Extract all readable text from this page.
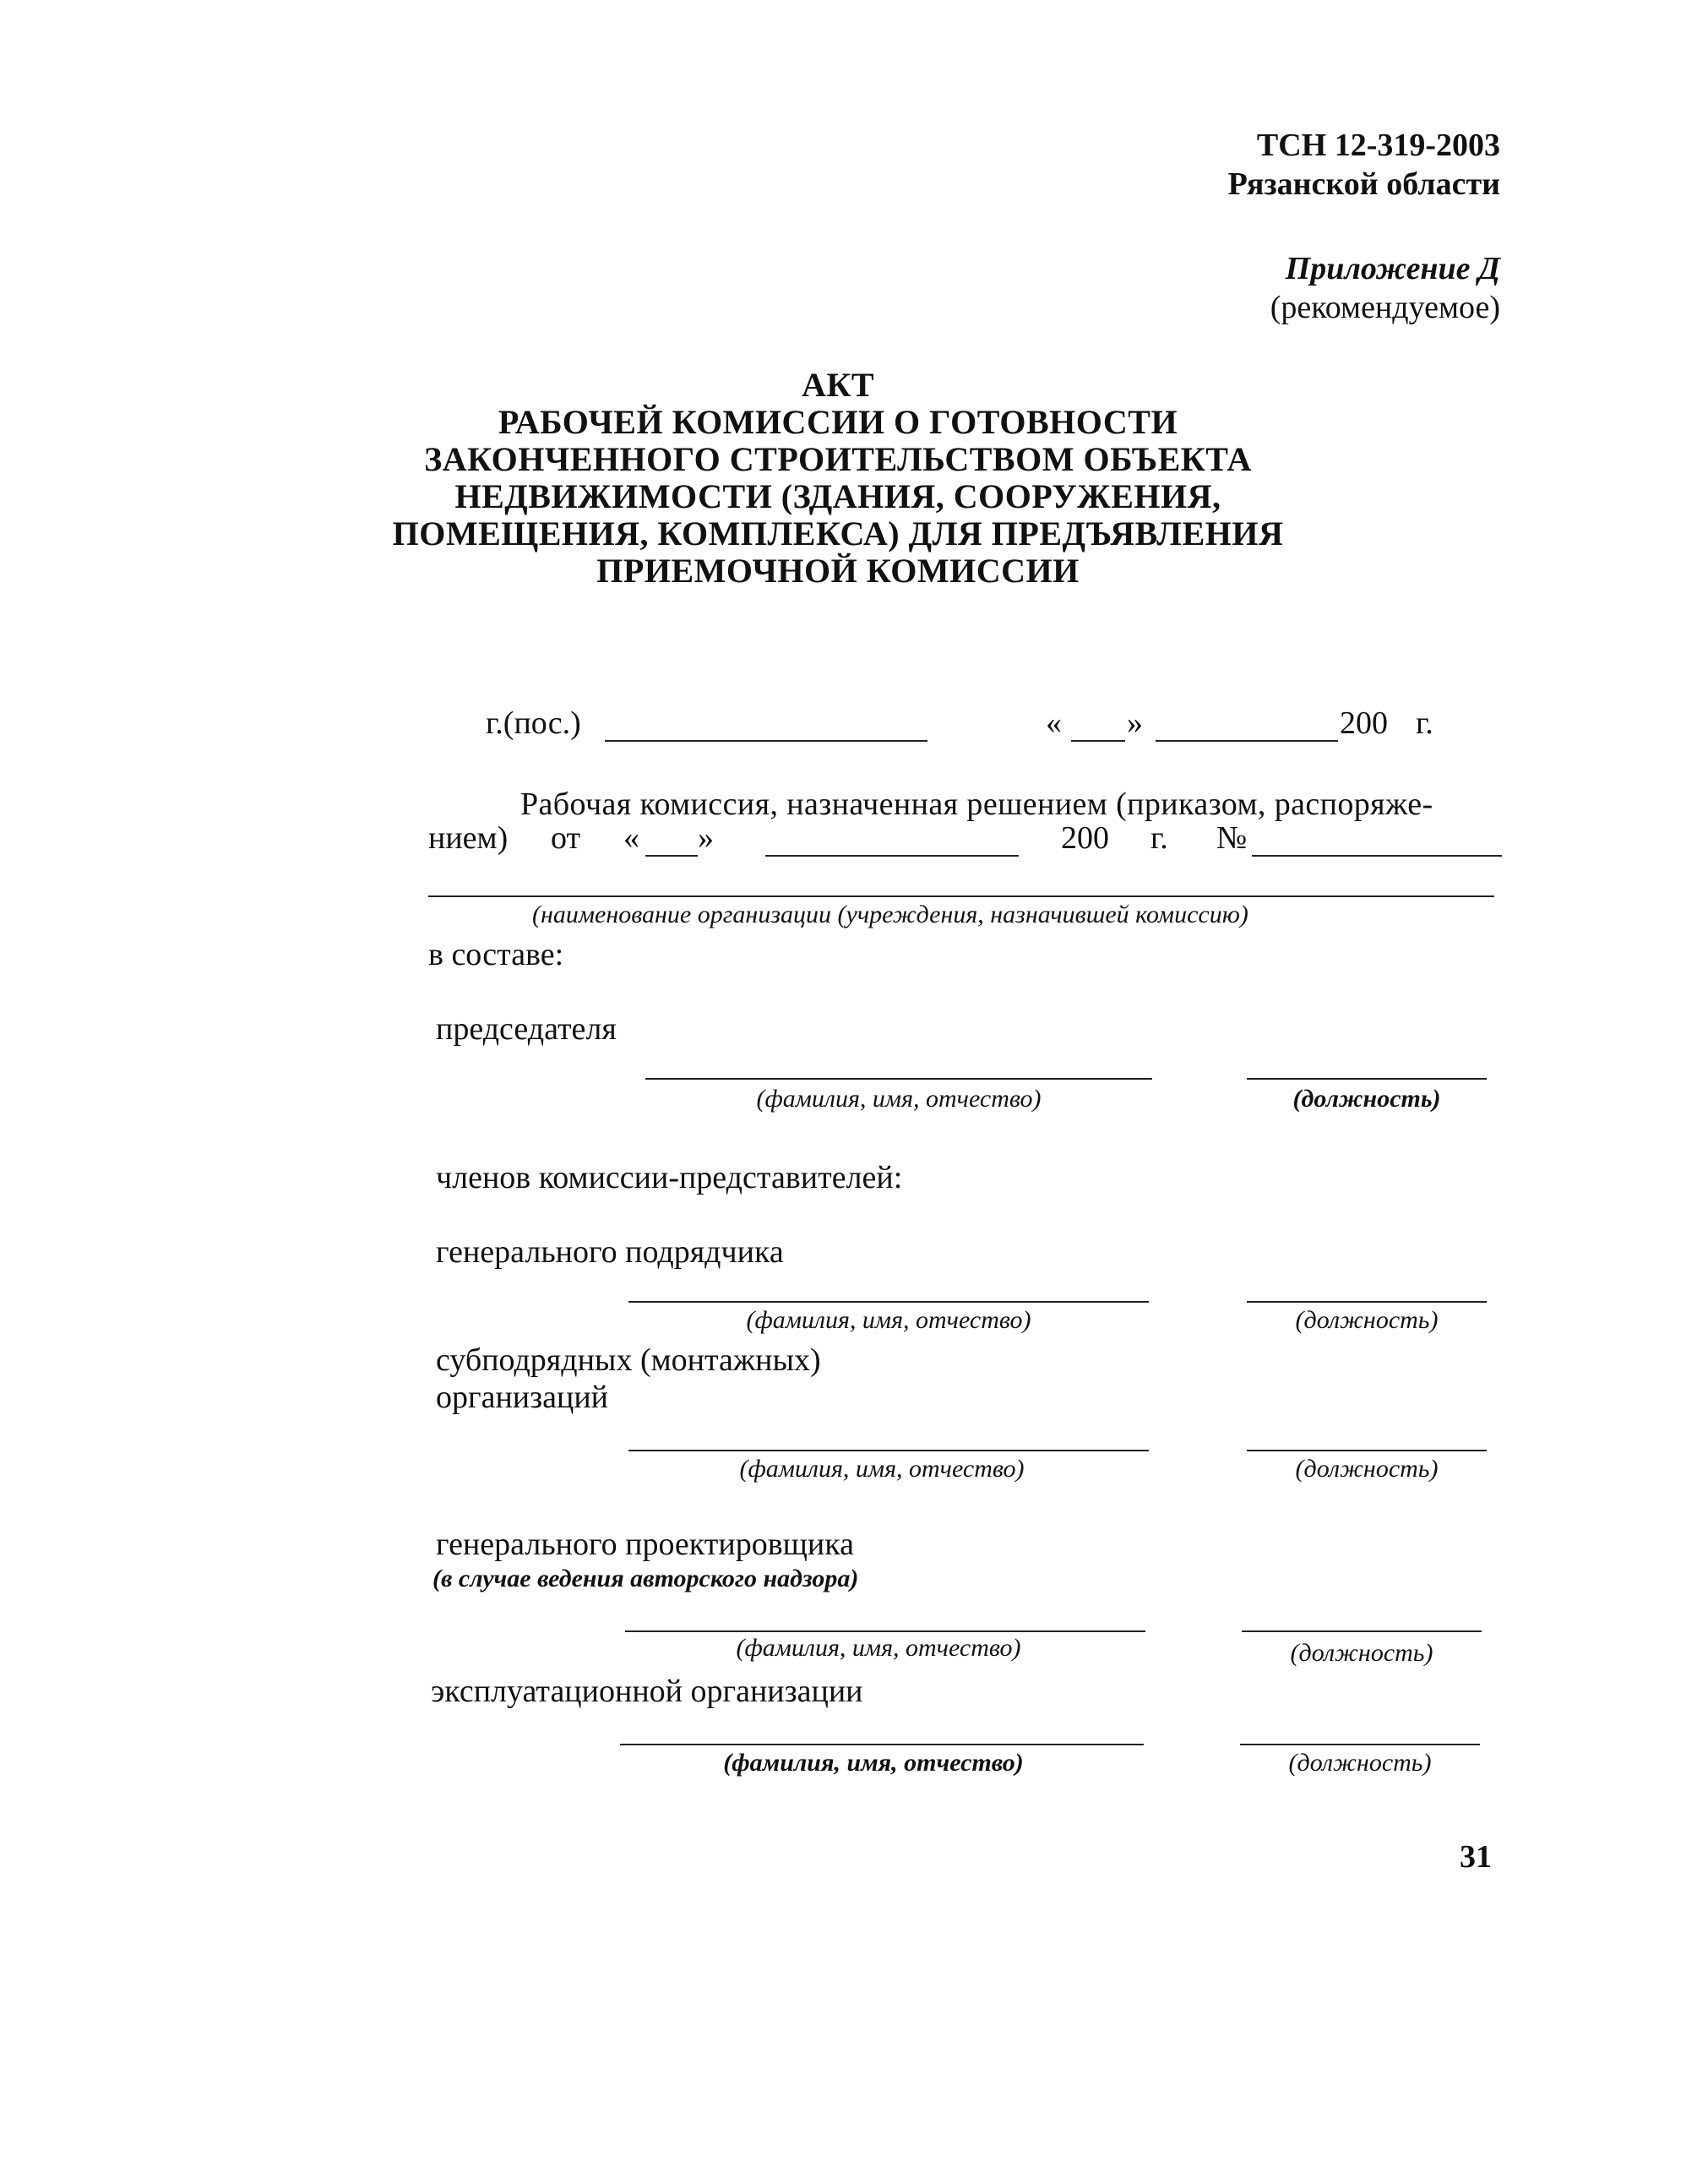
ТСН 12-319-2003
Рязанской области
Приложение Д
(рекомендуемое)
АКТ
РАБОЧЕЙ КОМИССИИ О ГОТОВНОСТИ
ЗАКОНЧЕННОГО СТРОИТЕЛЬСТВОМ ОБЪЕКТА
НЕДВИЖИМОСТИ (ЗДАНИЯ, СООРУЖЕНИЯ,
ПОМЕЩЕНИЯ, КОМПЛЕКСА) ДЛЯ ПРЕДЪЯВЛЕНИЯ
ПРИЕМОЧНОЙ КОМИССИИ
г.(пос.)	« »	200 г.
Рабочая комиссия, назначенная решением (приказом, распоряже-
нием) от « »	200 г. №
(наименование организации (учреждения, назначившей комиссию)
в составе:
председателя
(фамилия, имя, отчество)	(должность)
членов комиссии-представителей:
генерального подрядчика
(фамилия, имя, отчество)	(должность)
субподрядных (монтажных)
организаций
(фамилия, имя, отчество)	(должность)
генерального проектировщика
(в случае ведения авторского надзора)
(фамилия, имя, отчество)	(должность)
эксплуатационной организации
(фамилия, имя, отчество)	(должность)
31
